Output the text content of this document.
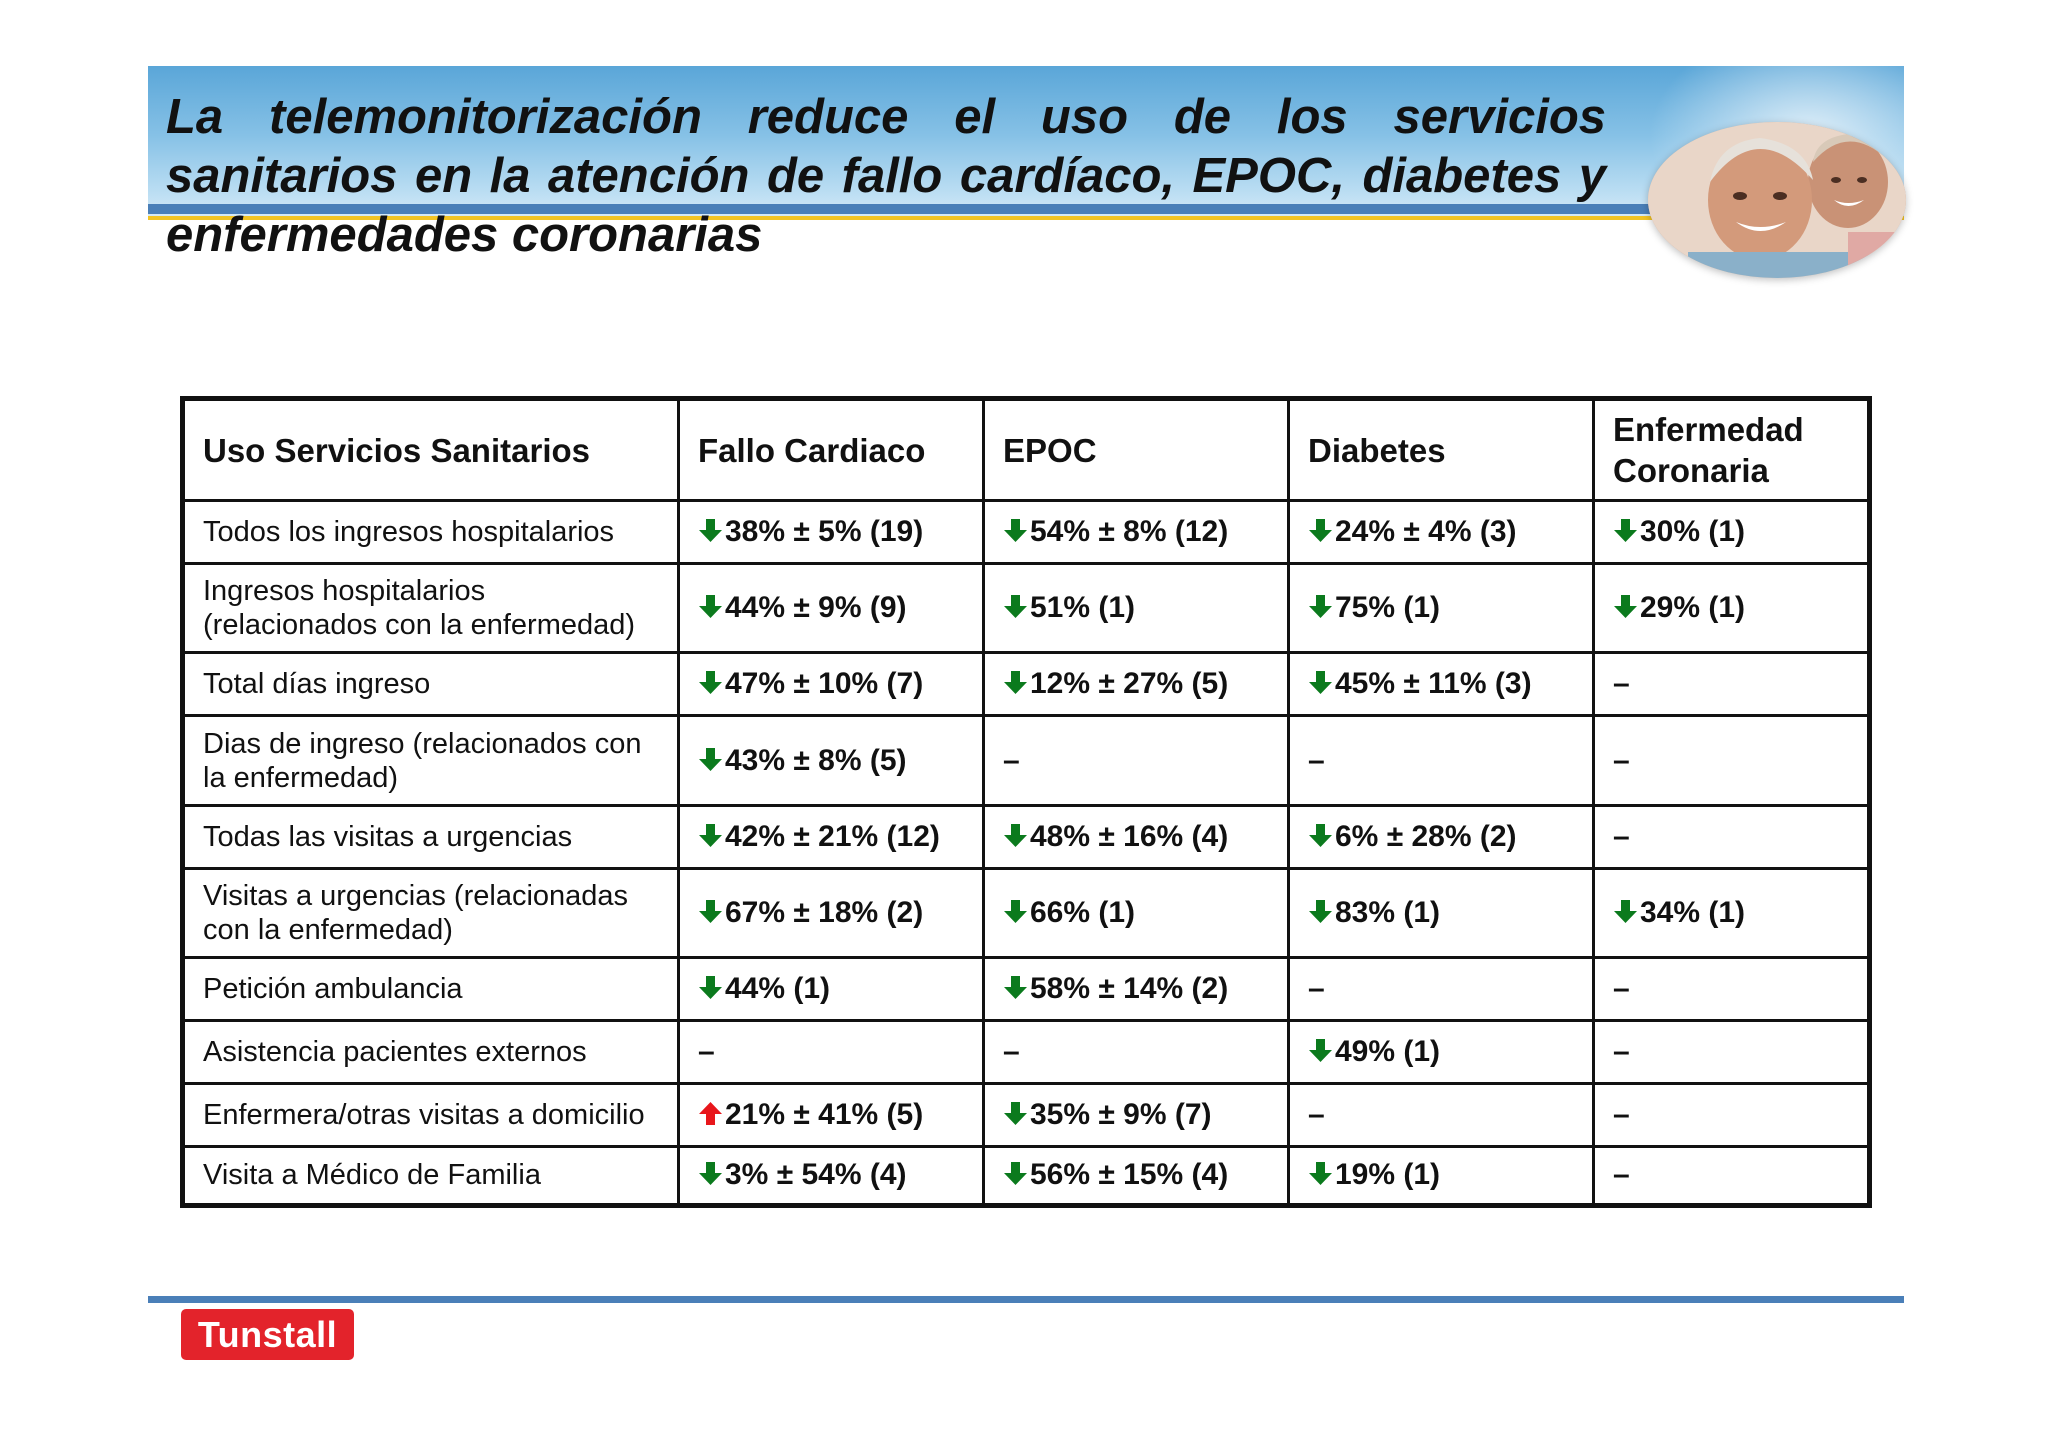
La telemonitorización reduce el uso de los servicios sanitarios en la atención de fallo cardíaco, EPOC, diabetes y enfermedades coronarias
Uso Servicios Sanitarios	Fallo Cardiaco	EPOC	Diabetes	Enfermedad Coronaria
Todos los ingresos hospitalarios	38% ± 5% (19)	54% ± 8% (12)	24% ± 4% (3)	30% (1)
Ingresos hospitalarios (relacionados con la enfermedad)	44% ± 9% (9)	51% (1)	75% (1)	29% (1)
Total días ingreso	47% ± 10% (7)	12% ± 27% (5)	45% ± 11% (3)	–
Dias de ingreso (relacionados con la enfermedad)	43% ± 8% (5)	–	–	–
Todas las visitas a urgencias	42% ± 21% (12)	48% ± 16% (4)	6% ± 28% (2)	–
Visitas a urgencias (relacionadas con la enfermedad)	67% ± 18% (2)	66% (1)	83% (1)	34% (1)
Petición ambulancia	44% (1)	58% ± 14% (2)	–	–
Asistencia pacientes externos	–	–	49% (1)	–
Enfermera/otras visitas a domicilio	21% ± 41% (5)	35% ± 9% (7)	–	–
Visita a Médico de Familia	3% ± 54% (4)	56% ± 15% (4)	19% (1)	–
Tunstall
